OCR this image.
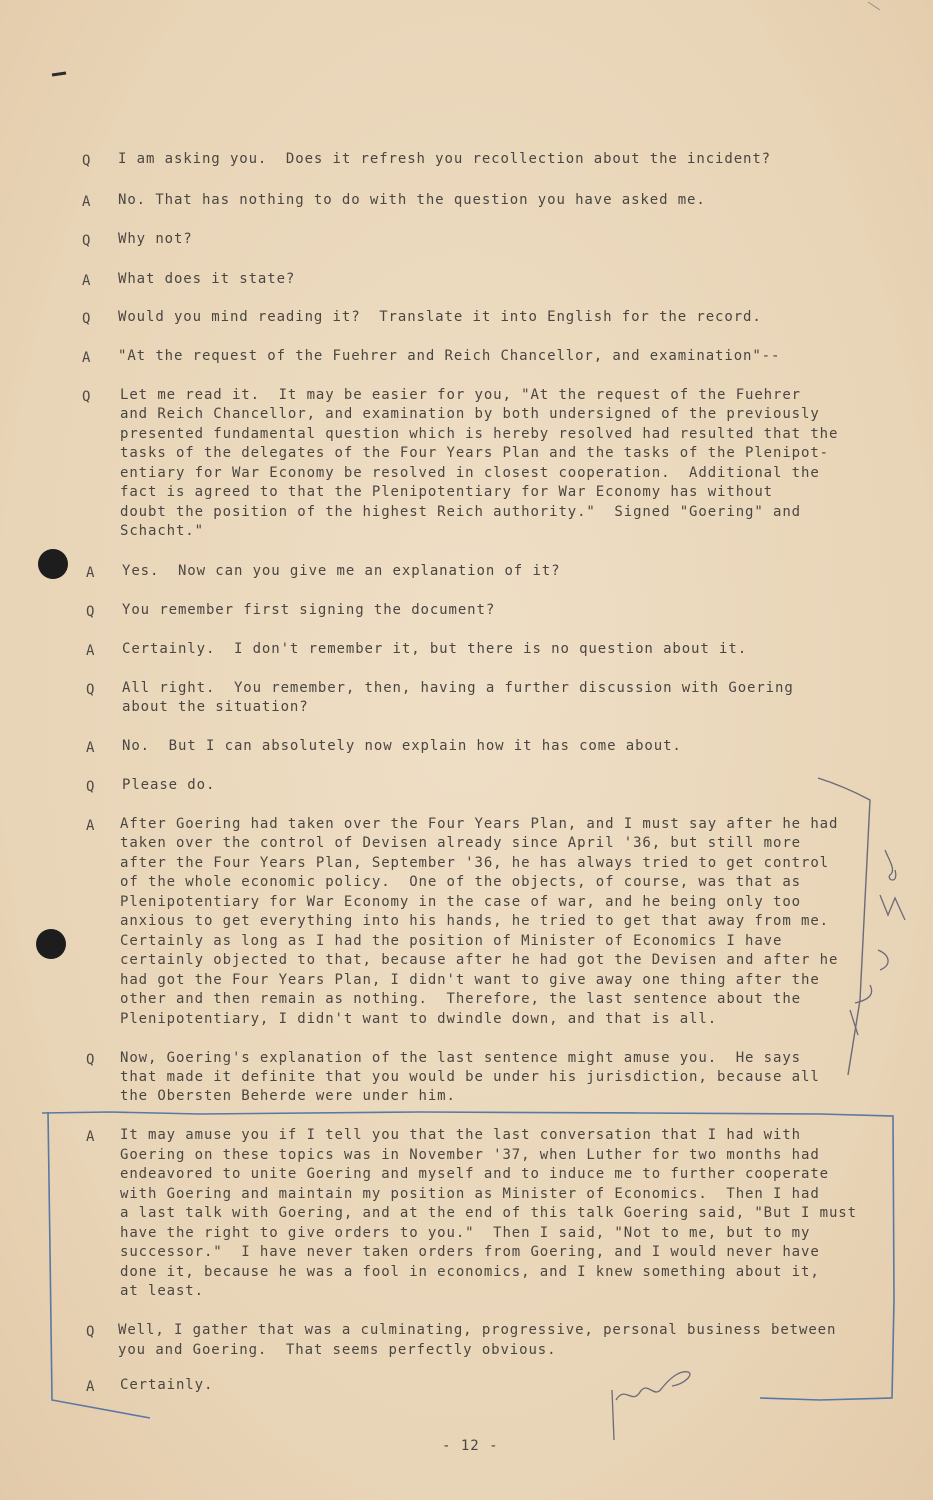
Q I am asking you.  Does it refresh you recollection about the incident?
A No. That has nothing to do with the question you have asked me.
Q Why not?
A What does it state?
Q Would you mind reading it?  Translate it into English for the record.
A "At the request of the Fuehrer and Reich Chancellor, and examination"--
Q Let me read it.  It may be easier for you, "At the request of the Fuehrer
and Reich Chancellor, and examination by both undersigned of the previously
presented fundamental question which is hereby resolved had resulted that the
tasks of the delegates of the Four Years Plan and the tasks of the Plenipot-
entiary for War Economy be resolved in closest cooperation.  Additional the
fact is agreed to that the Plenipotentiary for War Economy has without
doubt the position of the highest Reich authority."  Signed "Goering" and
Schacht."
A Yes.  Now can you give me an explanation of it?
Q You remember first signing the document?
A Certainly.  I don't remember it, but there is no question about it.
Q All right.  You remember, then, having a further discussion with Goering
about the situation?
A No.  But I can absolutely now explain how it has come about.
Q Please do.
A After Goering had taken over the Four Years Plan, and I must say after he had
taken over the control of Devisen already since April '36, but still more
after the Four Years Plan, September '36, he has always tried to get control
of the whole economic policy.  One of the objects, of course, was that as
Plenipotentiary for War Economy in the case of war, and he being only too
anxious to get everything into his hands, he tried to get that away from me.
Certainly as long as I had the position of Minister of Economics I have
certainly objected to that, because after he had got the Devisen and after he
had got the Four Years Plan, I didn't want to give away one thing after the
other and then remain as nothing.  Therefore, the last sentence about the
Plenipotentiary, I didn't want to dwindle down, and that is all.
Q Now, Goering's explanation of the last sentence might amuse you.  He says
that made it definite that you would be under his jurisdiction, because all
the Obersten Beherde were under him.
A It may amuse you if I tell you that the last conversation that I had with
Goering on these topics was in November '37, when Luther for two months had
endeavored to unite Goering and myself and to induce me to further cooperate
with Goering and maintain my position as Minister of Economics.  Then I had
a last talk with Goering, and at the end of this talk Goering said, "But I must
have the right to give orders to you."  Then I said, "Not to me, but to my
successor."  I have never taken orders from Goering, and I would never have
done it, because he was a fool in economics, and I knew something about it,
at least.
Q Well, I gather that was a culminating, progressive, personal business between
you and Goering.  That seems perfectly obvious.
A Certainly.
- 12 -
